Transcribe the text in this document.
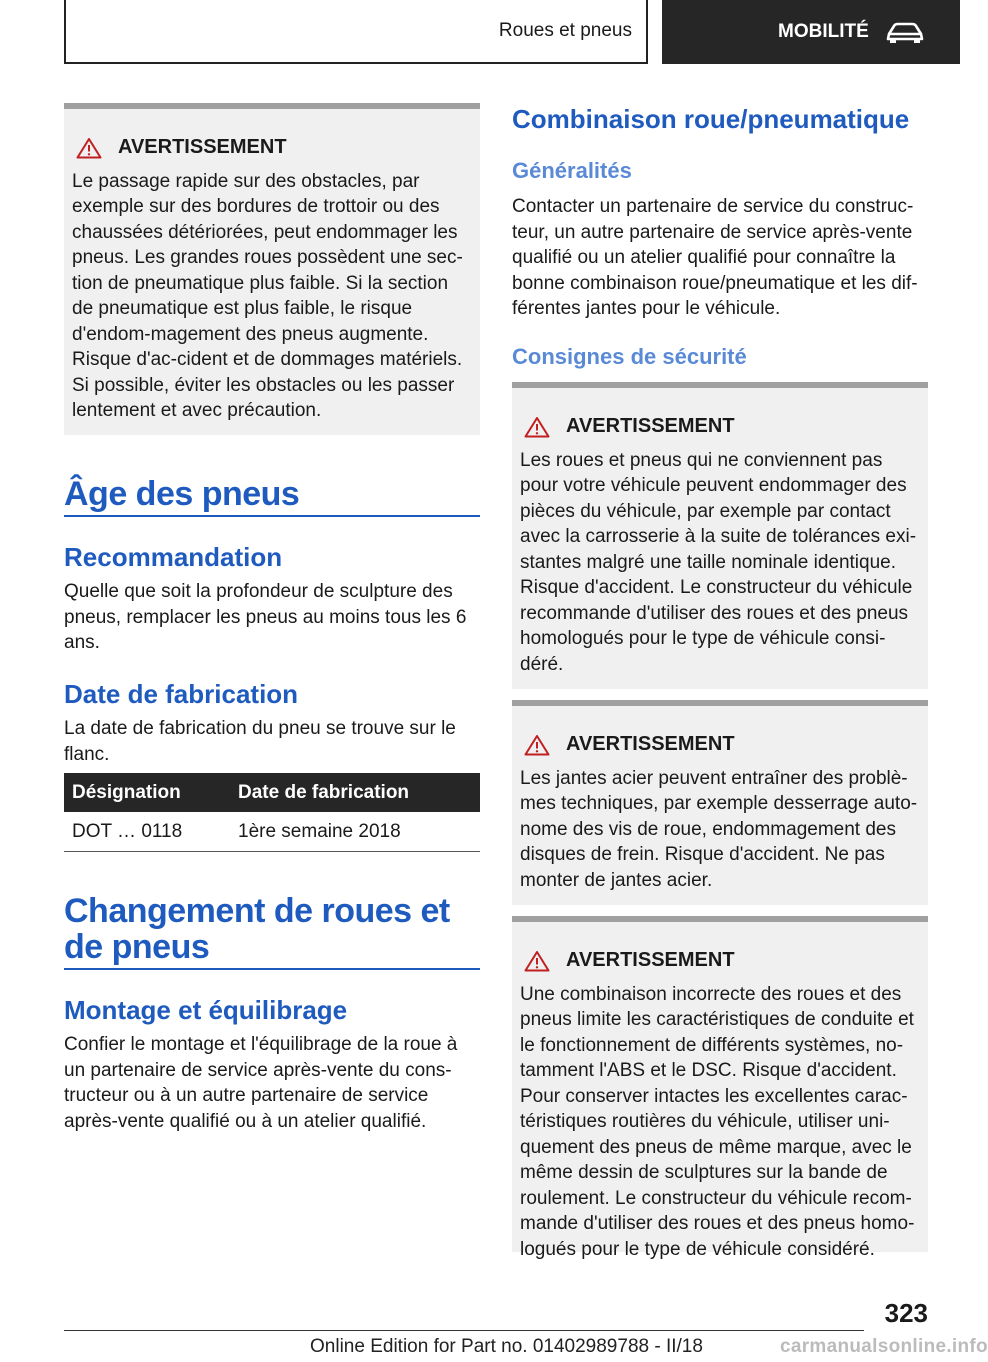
Roues et pneus	MOBILITÉ
AVERTISSEMENT

Le passage rapide sur des obstacles, par exemple sur des bordures de trottoir ou des chaussées détériorées, peut endommager les pneus. Les grandes roues possèdent une sec-tion de pneumatique plus faible. Si la section de pneumatique est plus faible, le risque d'endom-magement des pneus augmente. Risque d'ac-cident et de dommages matériels. Si possible, éviter les obstacles ou les passer lentement et avec précaution.

Âge des pneus
Recommandation

Quelle que soit la profondeur de sculpture des pneus, remplacer les pneus au moins tous les 6 ans.

Date de fabrication

La date de fabrication du pneu se trouve sur le flanc.

Désignation	Date de fabrication
DOT … 0118	1ère semaine 2018
Changement de roues et de pneus
Montage et équilibrage

Confier le montage et l'équilibrage de la roue à un partenaire de service après-vente du cons-tructeur ou à un autre partenaire de service après-vente qualifié ou à un atelier qualifié.

Combinaison roue/pneumatique
Généralités

Contacter un partenaire de service du construc-teur, un autre partenaire de service après-vente qualifié ou un atelier qualifié pour connaître la bonne combinaison roue/pneumatique et les dif-férentes jantes pour le véhicule.

Consignes de sécurité
AVERTISSEMENT

Les roues et pneus qui ne conviennent pas pour votre véhicule peuvent endommager des pièces du véhicule, par exemple par contact avec la carrosserie à la suite de tolérances exi-stantes malgré une taille nominale identique. Risque d'accident. Le constructeur du véhicule recommande d'utiliser des roues et des pneus homologués pour le type de véhicule consi-déré.

AVERTISSEMENT

Les jantes acier peuvent entraîner des problè-mes techniques, par exemple desserrage auto-nome des vis de roue, endommagement des disques de frein. Risque d'accident. Ne pas monter de jantes acier.

AVERTISSEMENT

Une combinaison incorrecte des roues et des pneus limite les caractéristiques de conduite et le fonctionnement de différents systèmes, no-tamment l'ABS et le DSC. Risque d'accident. Pour conserver intactes les excellentes carac-téristiques routières du véhicule, utiliser uni-quement des pneus de même marque, avec le même dessin de sculptures sur la bande de roulement. Le constructeur du véhicule recom-mande d'utiliser des roues et des pneus homo-logués pour le type de véhicule considéré.

323
Online Edition for Part no. 01402989788 - II/18	carmanualsonline.info
